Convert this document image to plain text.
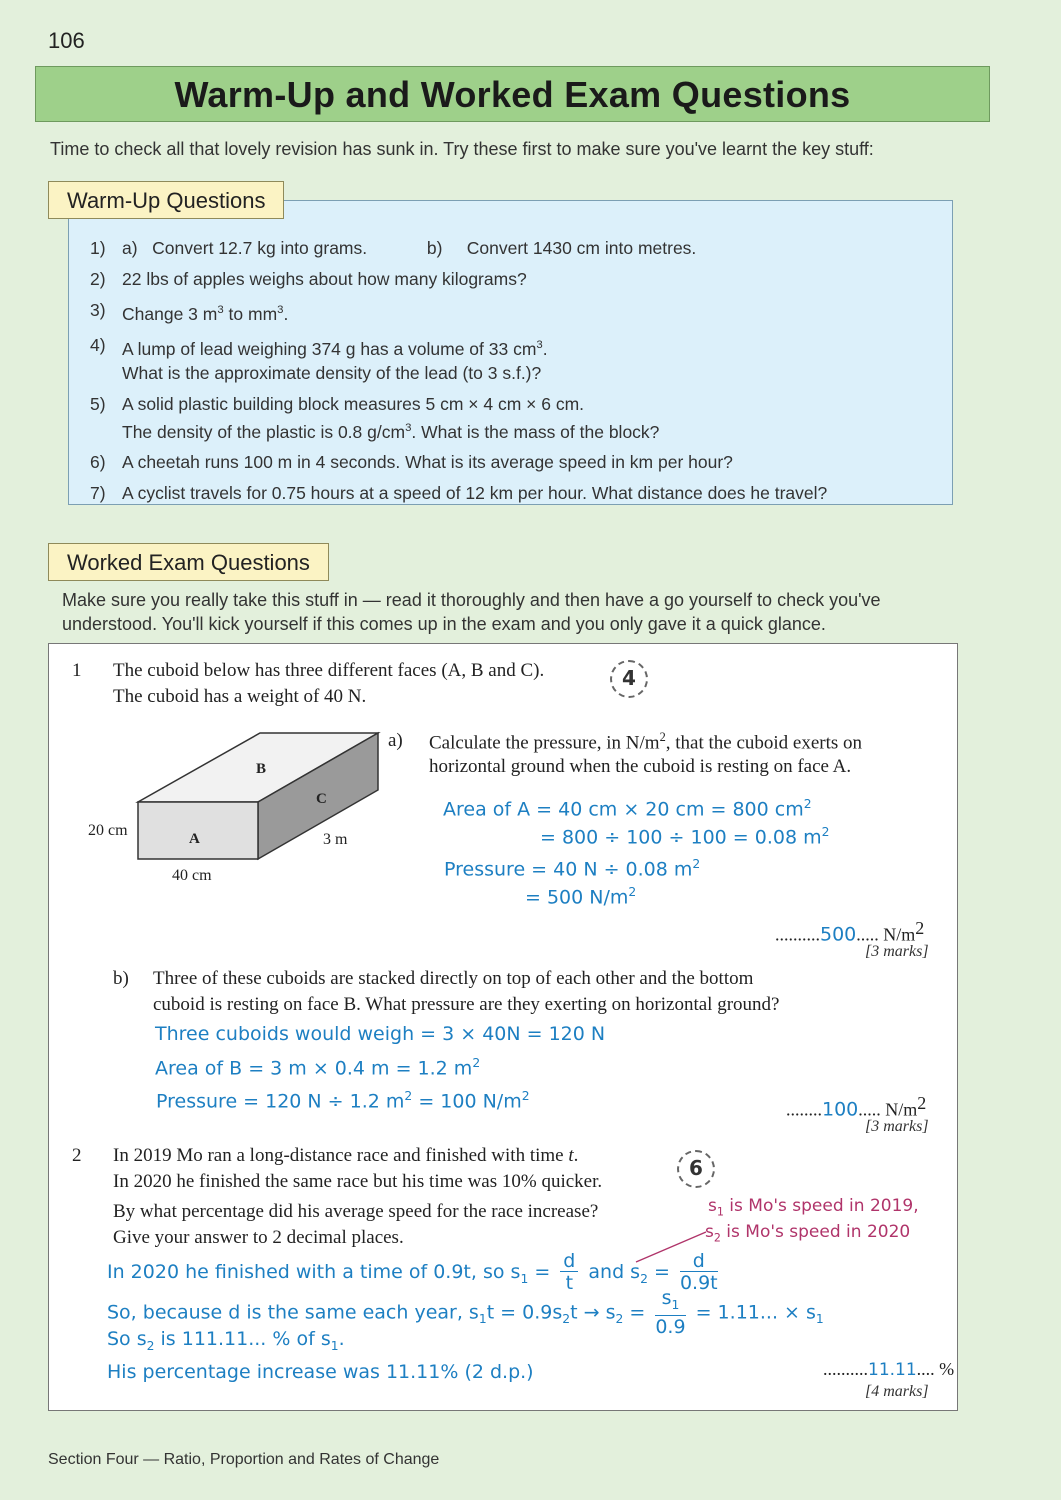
106
Warm-Up and Worked Exam Questions
Time to check all that lovely revision has sunk in. Try these first to make sure you've learnt the key stuff:
Warm-Up Questions
1) a) Convert 12.7 kg into grams.	b) Convert 1430 cm into metres.
2) 22 lbs of apples weighs about how many kilograms?
3) Change 3 $m^3$ to $mm^3$.
4) A lump of lead weighing 374 g has a volume of 33 $cm^3$.
What is the approximate density of the lead (to 3 s.f.)?
5) A solid plastic building block measures 5 cm × 4 cm × 6 cm.
The density of the plastic is 0.8 $g/cm^3$. What is the mass of the block?
6) A cheetah runs 100 m in 4 seconds. What is its average speed in km per hour?
7) A cyclist travels for 0.75 hours at a speed of 12 km per hour. What distance does he travel?
Worked Exam Questions
Make sure you really take this stuff in — read it thoroughly and then have a go yourself to check you've understood. You'll kick yourself if this comes up in the exam and you only gave it a quick glance.
1 The cuboid below has three different faces (A, B and C).
The cuboid has a weight of 40 N.
4
B
C
A
20 cm
40 cm
3 m
a) Calculate the pressure, in $N/m^2$, that the cuboid exerts on
horizontal ground when the cuboid is resting on face A.
Area of A = 40 cm × 20 cm = 800 $cm^2$
= 800 ÷ 100 ÷ 100 = 0.08 $m^2$
Pressure = 40 N ÷ 0.08 $m^2$
= 500 $N/m^2$
..........500..... $N/m^2$
[3 marks]
b) Three of these cuboids are stacked directly on top of each other and the bottom
cuboid is resting on face B. What pressure are they exerting on horizontal ground?
Three cuboids would weigh = 3 × 40N = 120 N
Area of B = 3 m × 0.4 m = 1.2 $m^2$
Pressure = 120 N ÷ 1.2 $m^2 = 100$ $N/m^2$
........100..... $N/m^2$
[3 marks]
2 In 2019 Mo ran a long-distance race and finished with time t.
In 2020 he finished the same race but his time was 10% quicker.
By what percentage did his average speed for the race increase?
Give your answer to 2 decimal places.
6
$s_1$ is Mo's speed in 2019,
$s_2$ is Mo's speed in 2020
In 2020 he finished with a time of 0.9t, so $s_1 = \frac{d}{t}$ and $s_2 = \frac{d}{0.9t}$
So, because d is the same each year, $s_1t = 0.9s_2t \to s_2 = \frac{s_1}{0.9} = 1.11$... × $s_1$
So $s_2$ is 111.11... % of $s_1$.
His percentage increase was 11.11% (2 d.p.)	..........11.11.... %
[4 marks]
Section Four — Ratio, Proportion and Rates of Change
